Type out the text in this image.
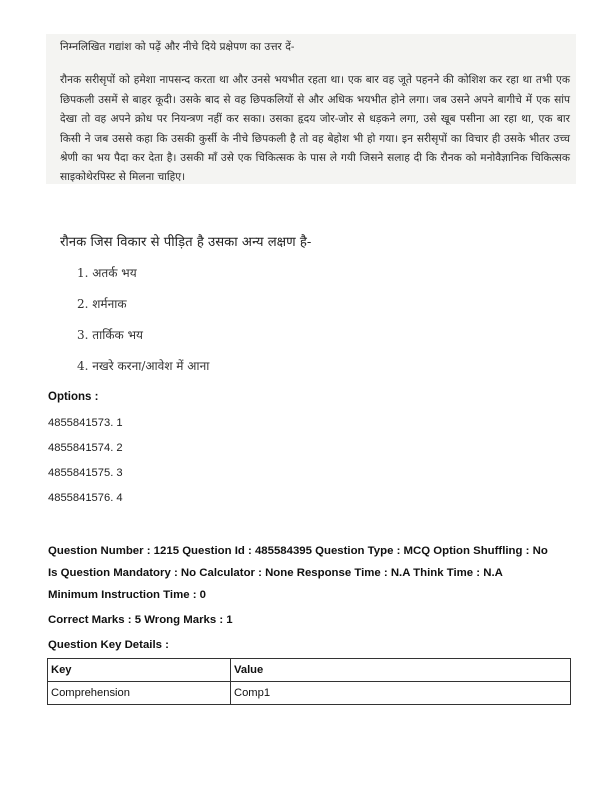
निम्नलिखित गद्यांश को पढ़ें और नीचे दिये प्रक्षेपण का उत्तर दें-

रौनक सरीसृपों को हमेशा नापसन्द करता था और उनसे भयभीत रहता था। एक बार वह जूते पहनने की कोशिश कर रहा था तभी एक छिपकली उसमें से बाहर कूदी। उसके बाद से वह छिपकलियों से और अधिक भयभीत होने लगा। जब उसने अपने बागीचे में एक सांप देखा तो वह अपने क्रोध पर नियन्त्रण नहीं कर सका। उसका हृदय जोर-जोर से धड़कने लगा, उसे खूब पसीना आ रहा था, एक बार किसी ने जब उससे कहा कि उसकी कुर्सी के नीचे छिपकली है तो वह बेहोश भी हो गया। इन सरीसृपों का विचार ही उसके भीतर उच्च श्रेणी का भय पैदा कर देता है। उसकी माँ उसे एक चिकित्सक के पास ले गयी जिसने सलाह दी कि रौनक को मनोवैज्ञानिक चिकित्सक साइकोथेरपिस्ट से मिलना चाहिए।

रौनक जिस विकार से पीड़ित है उसका अन्य लक्षण है-
1. अतर्क भय
2. शर्मनाक
3. तार्किक भय
4. नखरे करना/आवेश में आना
Options :
4855841573. 1
4855841574. 2
4855841575. 3
4855841576. 4
Question Number : 1215 Question Id : 485584395 Question Type : MCQ Option Shuffling : No
Is Question Mandatory : No Calculator : None Response Time : N.A Think Time : N.A
Minimum Instruction Time : 0
Correct Marks : 5 Wrong Marks : 1
Question Key Details :
Key	Value
Comprehension	Comp1
